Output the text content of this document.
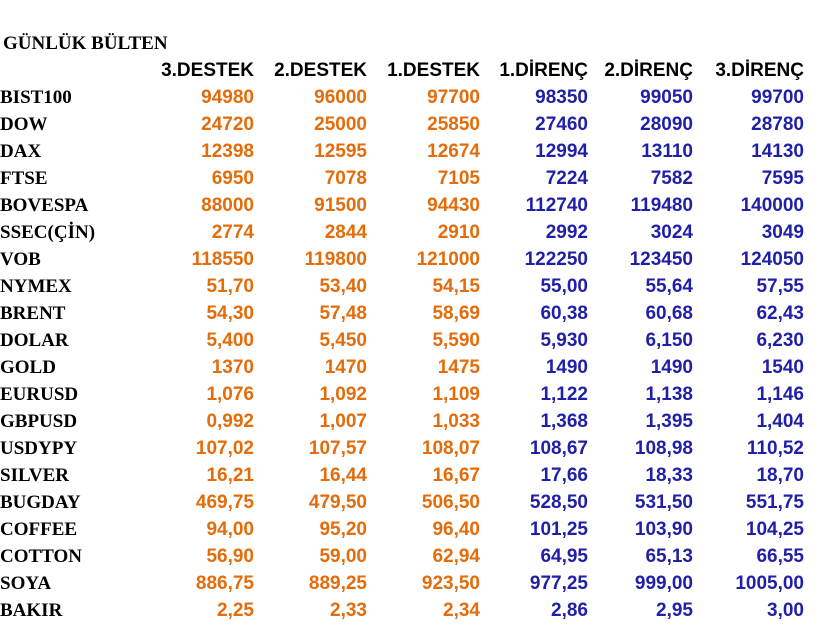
GÜNLÜK BÜLTEN
	3.DESTEK	2.DESTEK	1.DESTEK	1.DİRENÇ	2.DİRENÇ	3.DİRENÇ
BIST100	94980	96000	97700	98350	99050	99700
DOW	24720	25000	25850	27460	28090	28780
DAX	12398	12595	12674	12994	13110	14130
FTSE	6950	7078	7105	7224	7582	7595
BOVESPA	88000	91500	94430	112740	119480	140000
SSEC(ÇİN)	2774	2844	2910	2992	3024	3049
VOB	118550	119800	121000	122250	123450	124050
NYMEX	51,70	53,40	54,15	55,00	55,64	57,55
BRENT	54,30	57,48	58,69	60,38	60,68	62,43
DOLAR	5,400	5,450	5,590	5,930	6,150	6,230
GOLD	1370	1470	1475	1490	1490	1540
EURUSD	1,076	1,092	1,109	1,122	1,138	1,146
GBPUSD	0,992	1,007	1,033	1,368	1,395	1,404
USDYPY	107,02	107,57	108,07	108,67	108,98	110,52
SILVER	16,21	16,44	16,67	17,66	18,33	18,70
BUGDAY	469,75	479,50	506,50	528,50	531,50	551,75
COFFEE	94,00	95,20	96,40	101,25	103,90	104,25
COTTON	56,90	59,00	62,94	64,95	65,13	66,55
SOYA	886,75	889,25	923,50	977,25	999,00	1005,00
BAKIR	2,25	2,33	2,34	2,86	2,95	3,00
